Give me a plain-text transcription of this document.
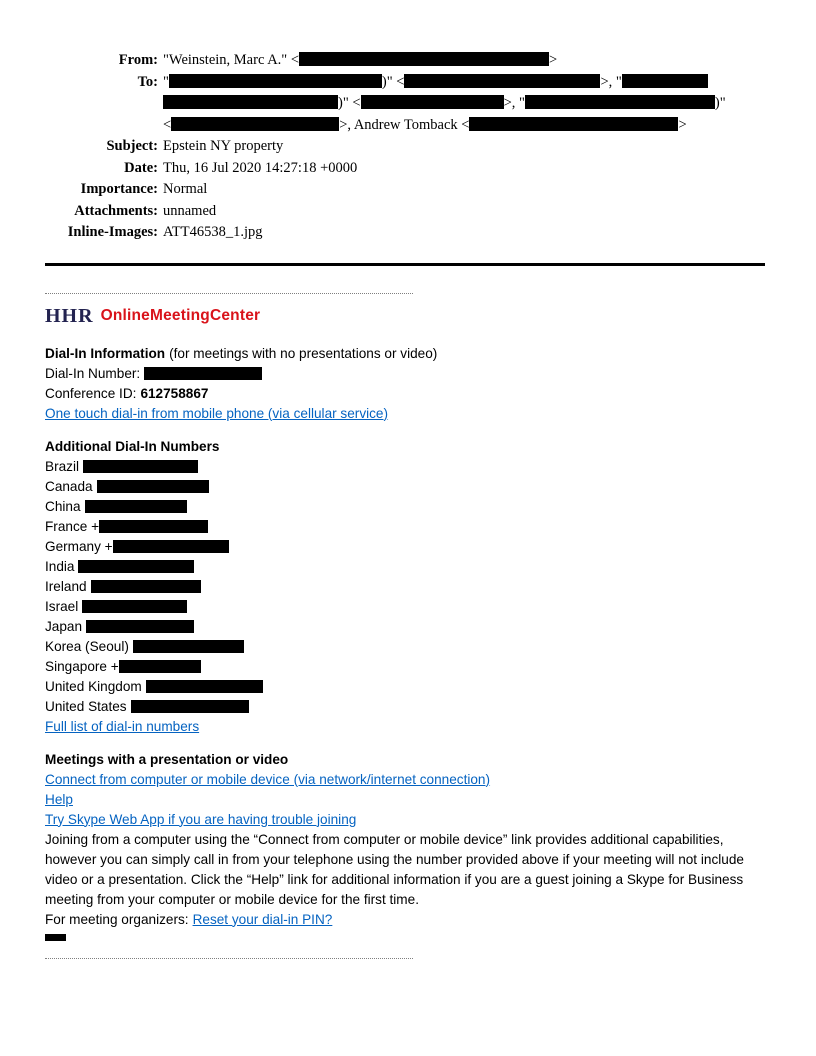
From: "Weinstein, Marc A." <	>
To: "	)" <	>, "
)" <	>, "	)"
<	>, Andrew Tomback <	>
Subject: Epstein NY property
Date: Thu, 16 Jul 2020 14:27:18 +0000
Importance: Normal
Attachments: unnamed
Inline-Images: ATT46538_1.jpg
HHR OnlineMeetingCenter
Dial-In Information (for meetings with no presentations or video)
Dial-In Number:
Conference ID: 612758867
One touch dial-in from mobile phone (via cellular service)
Additional Dial-In Numbers
Brazil
Canada
China
France +
Germany +
India
Ireland
Israel
Japan
Korea (Seoul)
Singapore +
United Kingdom
United States
Full list of dial-in numbers
Meetings with a presentation or video
Connect from computer or mobile device (via network/internet connection)
Help
Try Skype Web App if you are having trouble joining
Joining from a computer using the “Connect from computer or mobile device” link provides additional capabilities, however you can simply call in from your telephone using the number provided above if your meeting will not include video or a presentation. Click the “Help” link for additional information if you are a guest joining a Skype for Business meeting from your computer or mobile device for the first time.
For meeting organizers: Reset your dial-in PIN?
